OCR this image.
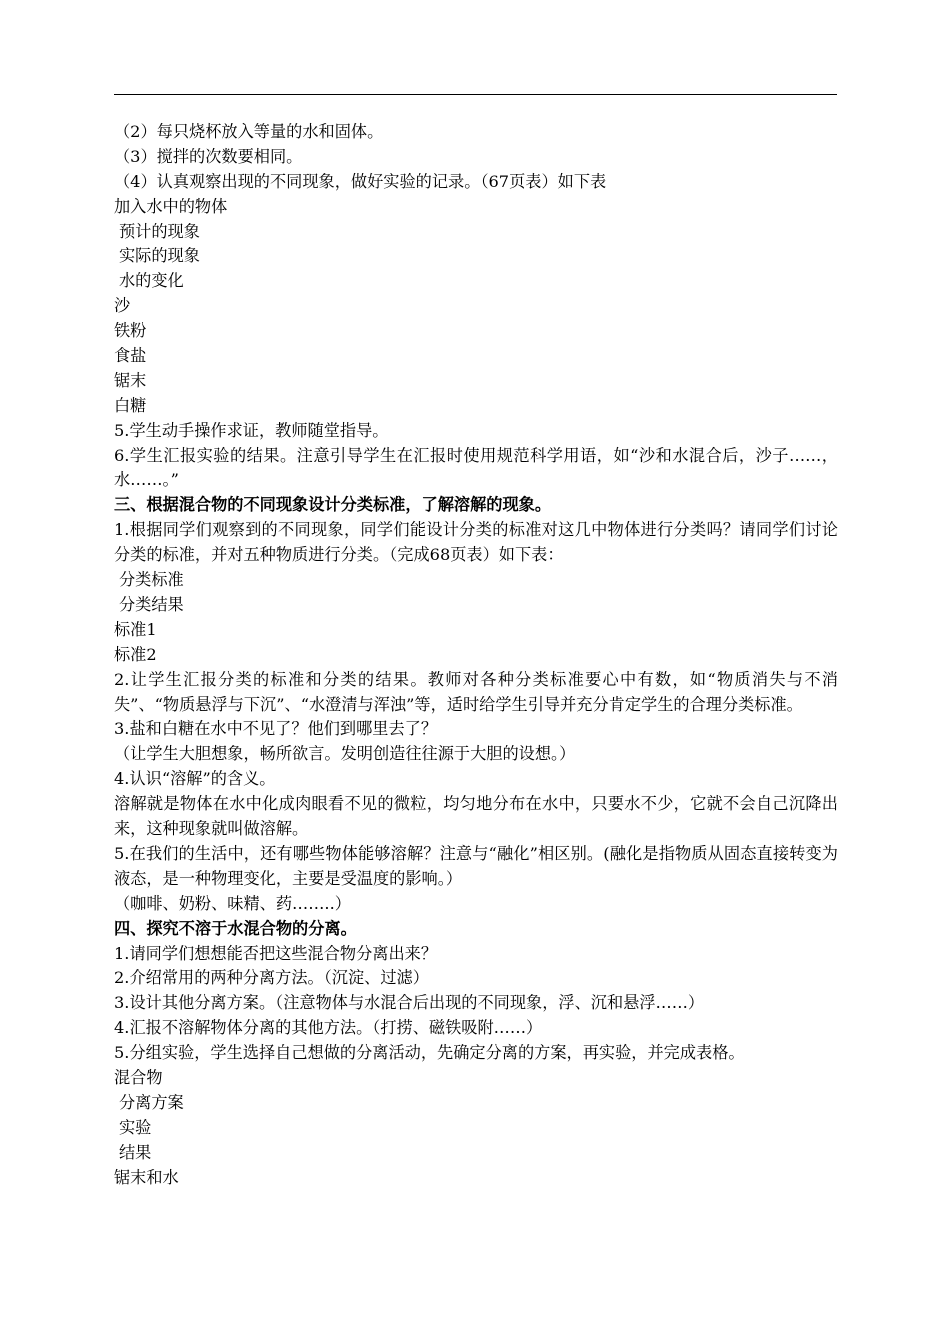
（2）每只烧杯放入等量的水和固体。
（3）搅拌的次数要相同。
（4）认真观察出现的不同现象，做好实验的记录。（67页表）如下表
加入水中的物体
预计的现象
实际的现象
水的变化
沙
铁粉
食盐
锯末
白糖
5.学生动手操作求证，教师随堂指导。
6.学生汇报实验的结果。注意引导学生在汇报时使用规范科学用语，如“沙和水混合后，沙子……，水……。”
三、根据混合物的不同现象设计分类标准，了解溶解的现象。
1.根据同学们观察到的不同现象，同学们能设计分类的标准对这几中物体进行分类吗？请同学们讨论分类的标准，并对五种物质进行分类。（完成68页表）如下表：
分类标准
分类结果
标准1
标准2
2.让学生汇报分类的标准和分类的结果。教师对各种分类标准要心中有数，如“物质消失与不消失”、“物质悬浮与下沉”、“水澄清与浑浊”等，适时给学生引导并充分肯定学生的合理分类标准。
3.盐和白糖在水中不见了？他们到哪里去了？
（让学生大胆想象，畅所欲言。发明创造往往源于大胆的设想。）
4.认识“溶解”的含义。
溶解就是物体在水中化成肉眼看不见的微粒，均匀地分布在水中，只要水不少，它就不会自己沉降出来，这种现象就叫做溶解。
5.在我们的生活中，还有哪些物体能够溶解？注意与“融化”相区别。(融化是指物质从固态直接转变为液态，是一种物理变化，主要是受温度的影响。）
（咖啡、奶粉、味精、药……..）
四、探究不溶于水混合物的分离。
1.请同学们想想能否把这些混合物分离出来？
2.介绍常用的两种分离方法。（沉淀、过滤）
3.设计其他分离方案。（注意物体与水混合后出现的不同现象，浮、沉和悬浮……）
4.汇报不溶解物体分离的其他方法。（打捞、磁铁吸附……）
5.分组实验，学生选择自己想做的分离活动，先确定分离的方案，再实验，并完成表格。
混合物
分离方案
实验
结果
锯末和水
